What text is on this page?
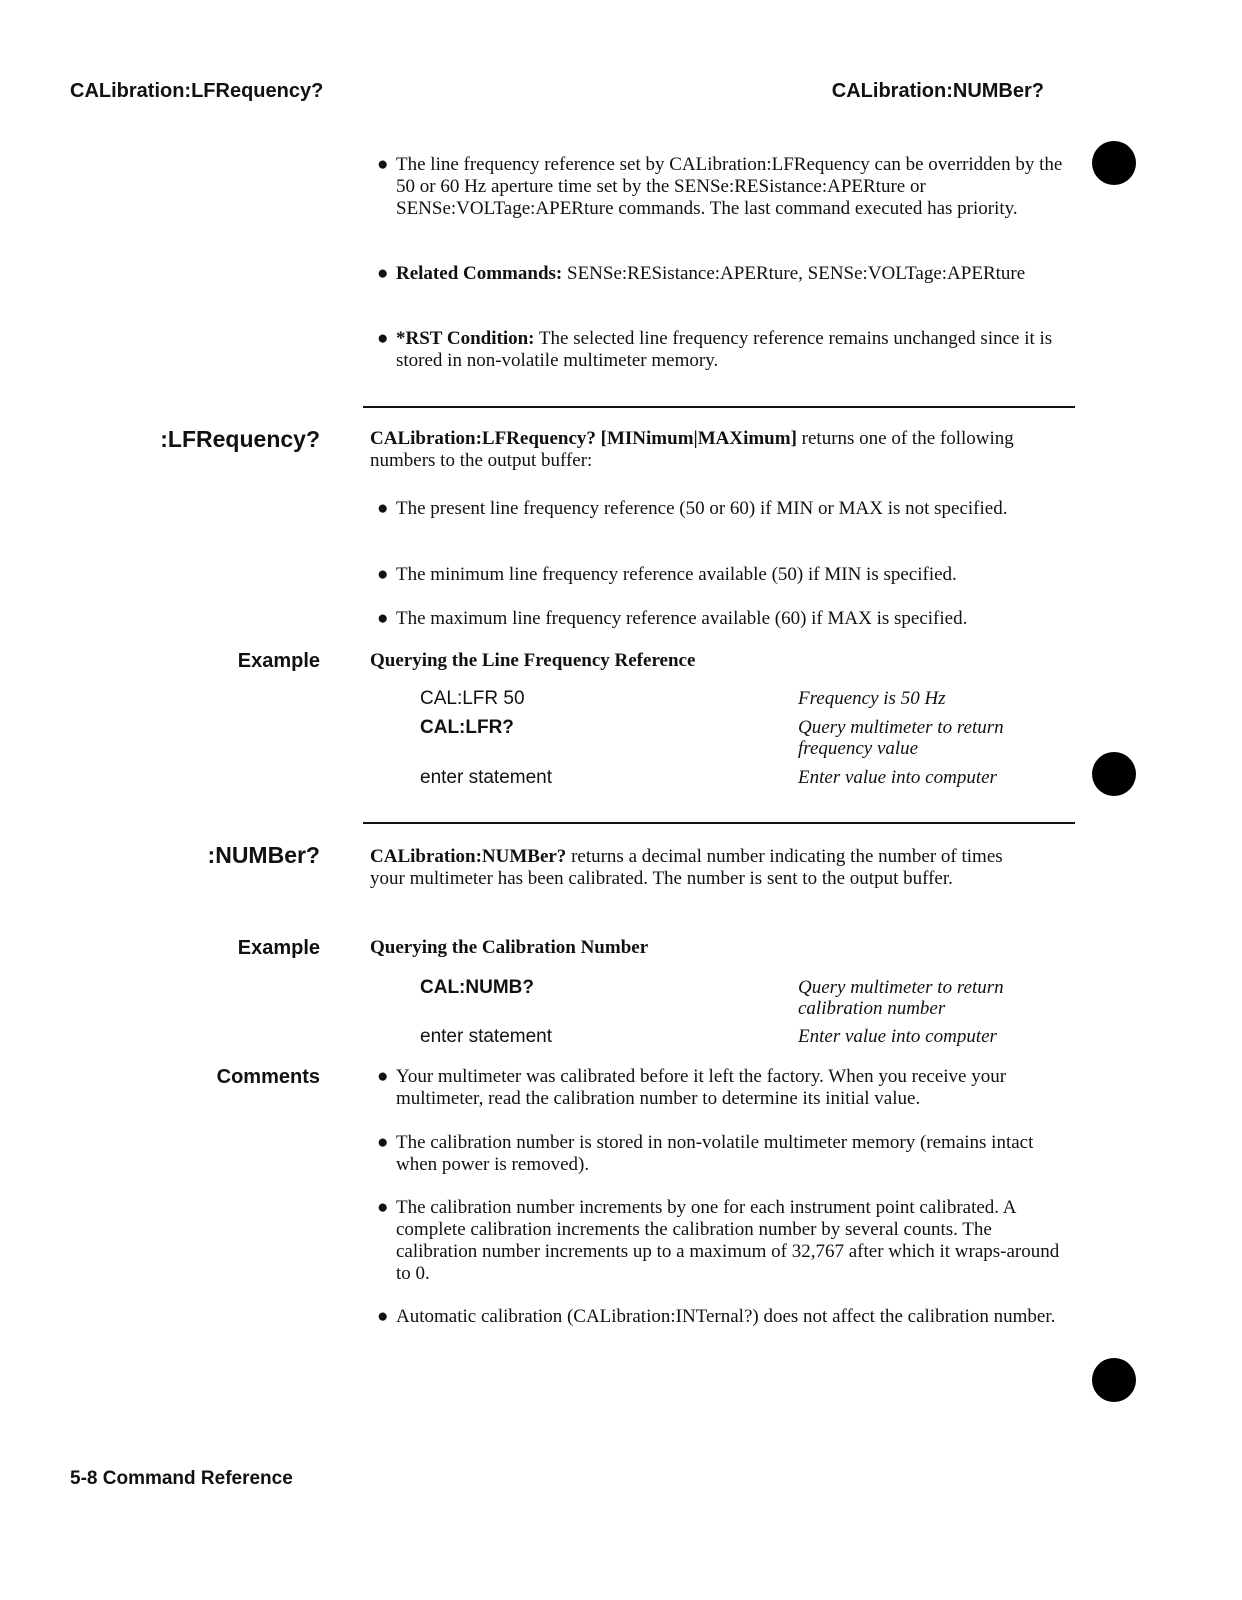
CALibration:LFRequency?	CALibration:NUMBer?
● The line frequency reference set by CALibration:LFRequency can be overridden by the 50 or 60 Hz aperture time set by the SENSe:RESistance:APERture or SENSe:VOLTage:APERture commands. The last command executed has priority.
● Related Commands: SENSe:RESistance:APERture, SENSe:VOLTage:APERture
● *RST Condition: The selected line frequency reference remains unchanged since it is stored in non-volatile multimeter memory.
:LFRequency?	CALibration:LFRequency? [MINimum|MAXimum] returns one of the following numbers to the output buffer:
● The present line frequency reference (50 or 60) if MIN or MAX is not specified.
● The minimum line frequency reference available (50) if MIN is specified.
● The maximum line frequency reference available (60) if MAX is specified.
Example	Querying the Line Frequency Reference
CAL:LFR 50	Frequency is 50 Hz
CAL:LFR?	Query multimeter to return frequency value
enter statement	Enter value into computer
:NUMBer?	CALibration:NUMBer? returns a decimal number indicating the number of times your multimeter has been calibrated. The number is sent to the output buffer.
Example	Querying the Calibration Number
CAL:NUMB?	Query multimeter to return calibration number
enter statement	Enter value into computer
Comments	● Your multimeter was calibrated before it left the factory. When you receive your multimeter, read the calibration number to determine its initial value.
● The calibration number is stored in non-volatile multimeter memory (remains intact when power is removed).
● The calibration number increments by one for each instrument point calibrated. A complete calibration increments the calibration number by several counts. The calibration number increments up to a maximum of 32,767 after which it wraps-around to 0.
● Automatic calibration (CALibration:INTernal?) does not affect the calibration number.
5-8 Command Reference
